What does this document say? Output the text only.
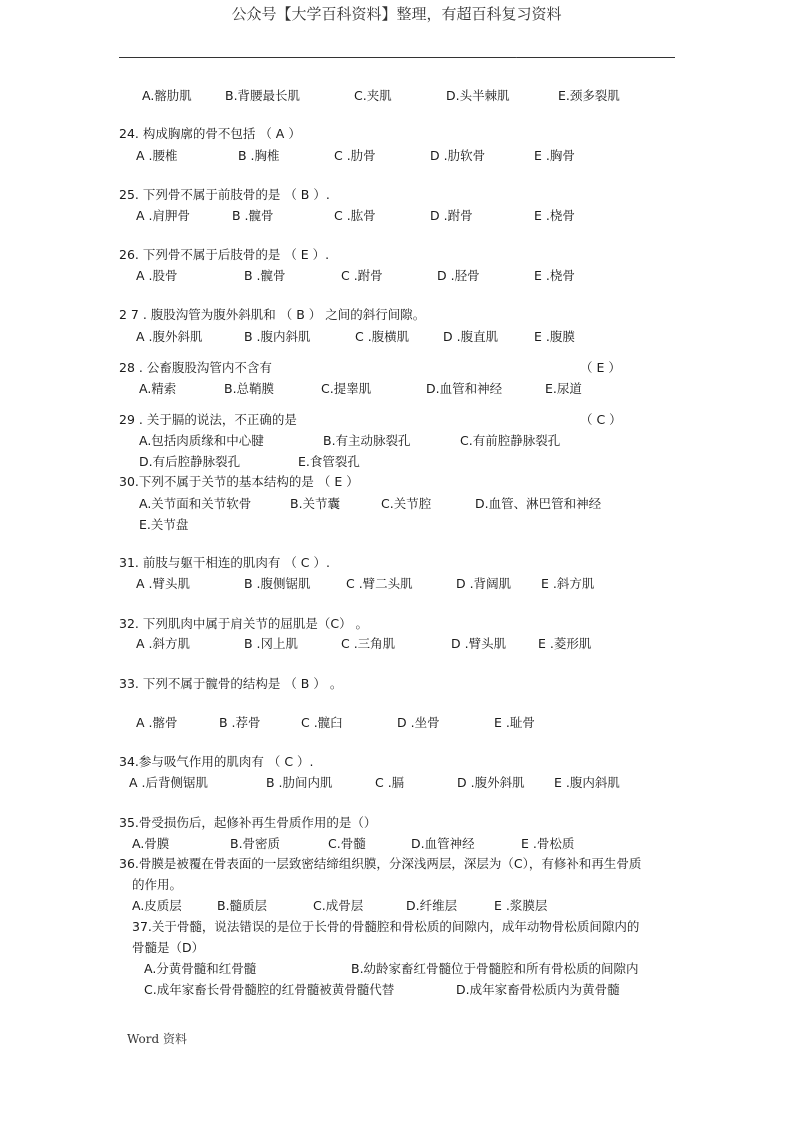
公众号【大学百科资料】整理，有超百科复习资料
.
A.髂肋肌	B.背腰最长肌	C.夹肌	D.头半棘肌	E.颈多裂肌
24. 构成胸廓的骨不包括 （ A ）
A .腰椎	B .胸椎	C .肋骨	D .肋软骨	E .胸骨
25. 下列骨不属于前肢骨的是 （ B ）.
A .肩胛骨	B .髋骨	C .肱骨	D .跗骨	E .桡骨
26. 下列骨不属于后肢骨的是 （ E ）.
A .股骨	B .髋骨	C .跗骨	D .胫骨	E .桡骨
2 7 . 腹股沟管为腹外斜肌和 （ B ） 之间的斜行间隙。
A .腹外斜肌	B .腹内斜肌	C .腹横肌	D .腹直肌	E .腹膜
28 . 公畜腹股沟管内不含有	（ E ）
A.精索	B.总鞘膜	C.提睾肌	D.血管和神经	E.尿道
29 . 关于膈的说法，不正确的是	（ C ）
A.包括肉质缘和中心腱	B.有主动脉裂孔	C.有前腔静脉裂孔
D.有后腔静脉裂孔	E.食管裂孔
30.下列不属于关节的基本结构的是 （ E ）
A.关节面和关节软骨	B.关节囊	C.关节腔	D.血管、淋巴管和神经
E.关节盘
31. 前肢与躯干相连的肌肉有 （ C ）.
A .臂头肌	B .腹侧锯肌	C .臂二头肌	D .背阔肌 E .斜方肌
32. 下列肌肉中属于肩关节的屈肌是（C） 。
A .斜方肌	B .冈上肌	C .三角肌	D .臂头肌	E .菱形肌
33. 下列不属于髋骨的结构是 （ B ） 。
A .髂骨	B .荐骨	C .髋臼	D .坐骨	E .耻骨
34.参与吸气作用的肌肉有 （ C ）.
A .后背侧锯肌	B .肋间内肌	C .膈	D .腹外斜肌 E .腹内斜肌
35.骨受损伤后，起修补再生骨质作用的是（）
A.骨膜	B.骨密质	C.骨髓	D.血管神经	E .骨松质
36.骨膜是被覆在骨表面的一层致密结缔组织膜，分深浅两层，深层为（C），有修补和再生骨质
的作用。
A.皮质层	B.髓质层	C.成骨层	D.纤维层	E .浆膜层
37.关于骨髓，说法错误的是位于长骨的骨髓腔和骨松质的间隙内，成年动物骨松质间隙内的
骨髓是（D）
A.分黄骨髓和红骨髓	B.幼龄家畜红骨髓位于骨髓腔和所有骨松质的间隙内
C.成年家畜长骨骨髓腔的红骨髓被黄骨髓代替	D.成年家畜骨松质内为黄骨髓
Word 资料
